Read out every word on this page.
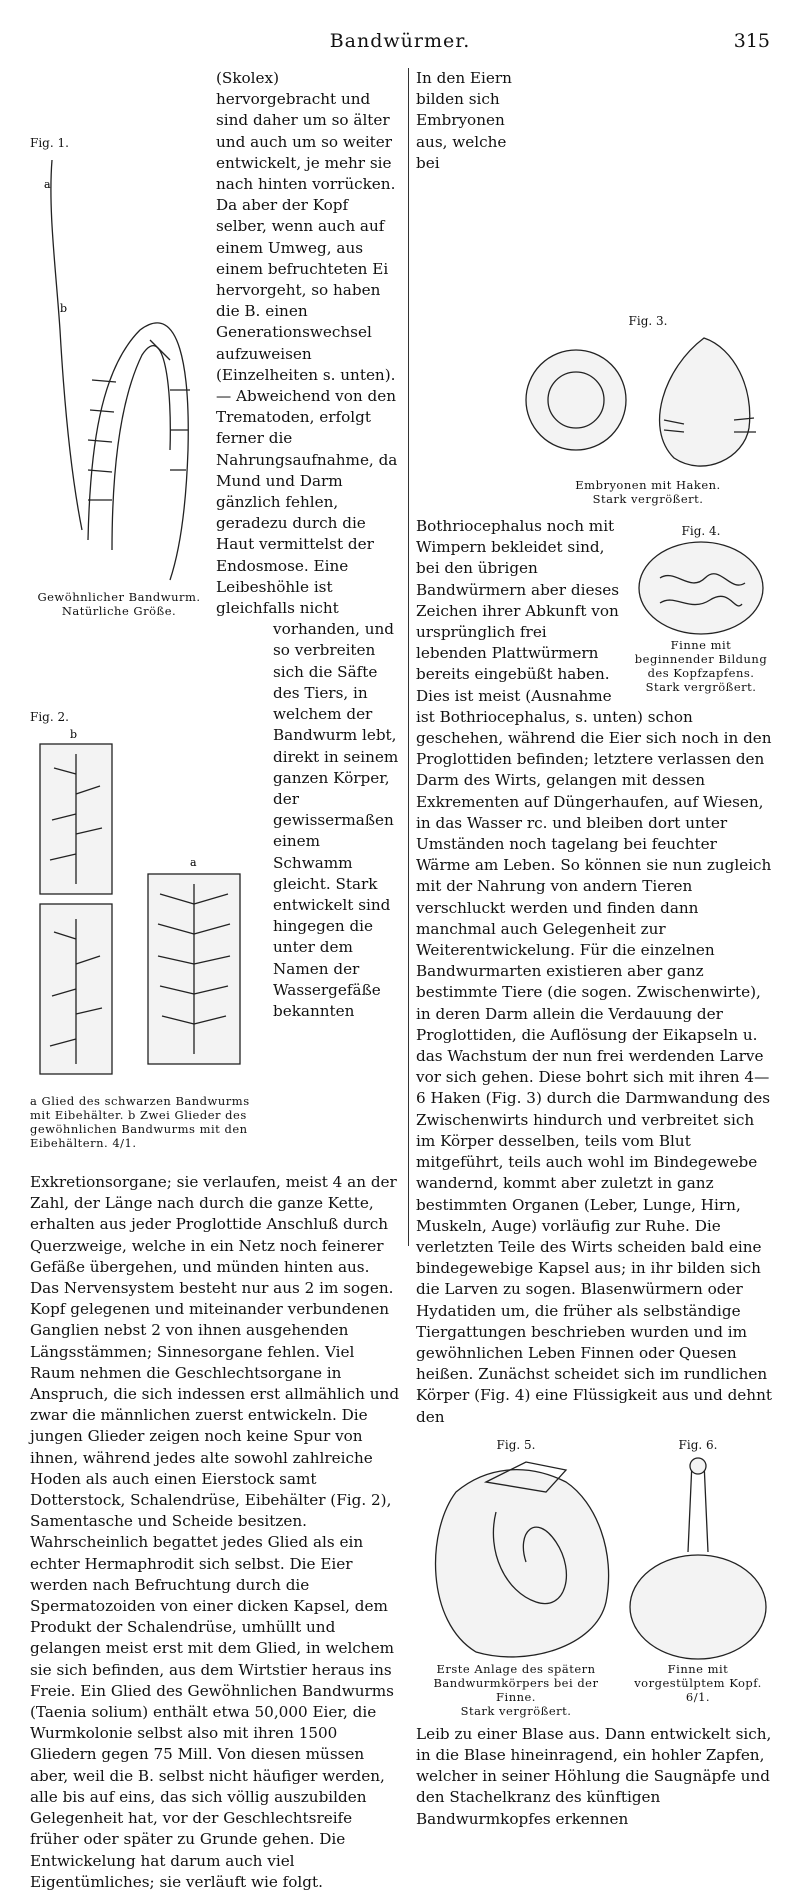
Bandwürmer.	315
Fig. 1.
a
b
Gewöhnlicher Bandwurm.
Natürliche Größe.
Fig. 2.
b
a
a Glied des schwarzen Bandwurms mit Eibehälter. b Zwei Glieder des gewöhnlichen Bandwurms mit den Eibehältern. 4/1.

(Skolex) hervorgebracht und sind daher um so älter und auch um so weiter entwickelt, je mehr sie nach hinten vorrücken. Da aber der Kopf selber, wenn auch auf einem Umweg, aus einem befruchteten Ei hervorgeht, so haben die B. einen Generationswechsel aufzuweisen (Einzelheiten s. unten). — Abweichend von den Trematoden, erfolgt ferner die Nahrungsaufnahme, da Mund und Darm gänzlich fehlen, geradezu durch die Haut vermittelst der Endosmose. Eine Leibeshöhle ist gleichfalls nicht vorhanden, und so verbreiten sich die Säfte des Tiers, in welchem der Bandwurm lebt, direkt in seinem ganzen Körper, der gewissermaßen einem Schwamm gleicht. Stark entwickelt sind hingegen die unter dem Namen der Wassergefäße bekannten Exkretionsorgane; sie verlaufen, meist 4 an der Zahl, der Länge nach durch die ganze Kette, erhalten aus jeder Proglottide Anschluß durch Querzweige, welche in ein Netz noch feinerer Gefäße übergehen, und münden hinten aus. Das Nervensystem besteht nur aus 2 im sogen. Kopf gelegenen und miteinander verbundenen Ganglien nebst 2 von ihnen ausgehenden Längsstämmen; Sinnesorgane fehlen. Viel Raum nehmen die Geschlechtsorgane in Anspruch, die sich indessen erst allmählich und zwar die männlichen zuerst entwickeln. Die jungen Glieder zeigen noch keine Spur von ihnen, während jedes alte sowohl zahlreiche Hoden als auch einen Eierstock samt Dotterstock, Schalendrüse, Eibehälter (Fig. 2), Samentasche und Scheide besitzen. Wahrscheinlich begattet jedes Glied als ein echter Hermaphrodit sich selbst. Die Eier werden nach Befruchtung durch die Spermatozoiden von einer dicken Kapsel, dem Produkt der Schalendrüse, umhüllt und gelangen meist erst mit dem Glied, in welchem sie sich befinden, aus dem Wirtstier heraus ins Freie. Ein Glied des Gewöhnlichen Bandwurms (Taenia solium) enthält etwa 50,000 Eier, die Wurmkolonie selbst also mit ihren 1500 Gliedern gegen 75 Mill. Von diesen müssen aber, weil die B. selbst nicht häufiger werden, alle bis auf eins, das sich völlig auszubilden Gelegenheit hat, vor der Geschlechtsreife früher oder später zu Grunde gehen. Die Entwickelung hat darum auch viel Eigentümliches; sie verläuft wie folgt.

Fig. 3.
Embryonen mit Haken.
Stark vergrößert.
Fig. 4.
Finne mit beginnender Bildung des Kopfzapfens.
Stark vergrößert.

In den Eiern bilden sich Embryonen aus, welche bei Bothriocephalus noch mit Wimpern bekleidet sind, bei den übrigen Bandwürmern aber dieses Zeichen ihrer Abkunft von ursprünglich frei lebenden Plattwürmern bereits eingebüßt haben. Dies ist meist (Ausnahme ist Bothriocephalus, s. unten) schon geschehen, während die Eier sich noch in den Proglottiden befinden; letztere verlassen den Darm des Wirts, gelangen mit dessen Exkrementen auf Düngerhaufen, auf Wiesen, in das Wasser rc. und bleiben dort unter Umständen noch tagelang bei feuchter Wärme am Leben. So können sie nun zugleich mit der Nahrung von andern Tieren verschluckt werden und finden dann manchmal auch Gelegenheit zur Weiterentwickelung. Für die einzelnen Bandwurmarten existieren aber ganz bestimmte Tiere (die sogen. Zwischenwirte), in deren Darm allein die Verdauung der Proglottiden, die Auflösung der Eikapseln u. das Wachstum der nun frei werdenden Larve vor sich gehen. Diese bohrt sich mit ihren 4—6 Haken (Fig. 3) durch die Darmwandung des Zwischenwirts hindurch und verbreitet sich im Körper desselben, teils vom Blut mitgeführt, teils auch wohl im Bindegewebe wandernd, kommt aber zuletzt in ganz bestimmten Organen (Leber, Lunge, Hirn, Muskeln, Auge) vorläufig zur Ruhe. Die verletzten Teile des Wirts scheiden bald eine bindegewebige Kapsel aus; in ihr bilden sich die Larven zu sogen. Blasenwürmern oder Hydatiden um, die früher als selbständige Tiergattungen beschrieben wurden und im gewöhnlichen Leben Finnen oder Quesen heißen. Zunächst scheidet sich im rundlichen Körper (Fig. 4) eine Flüssigkeit aus und dehnt den

Fig. 5.
Erste Anlage des spätern Bandwurmkörpers bei der Finne.
Stark vergrößert.
Fig. 6.
Finne mit vorgestülptem Kopf. 6/1.

Leib zu einer Blase aus. Dann entwickelt sich, in die Blase hineinragend, ein hohler Zapfen, welcher in seiner Höhlung die Saugnäpfe und den Stachelkranz des künftigen Bandwurmkopfes erkennen
